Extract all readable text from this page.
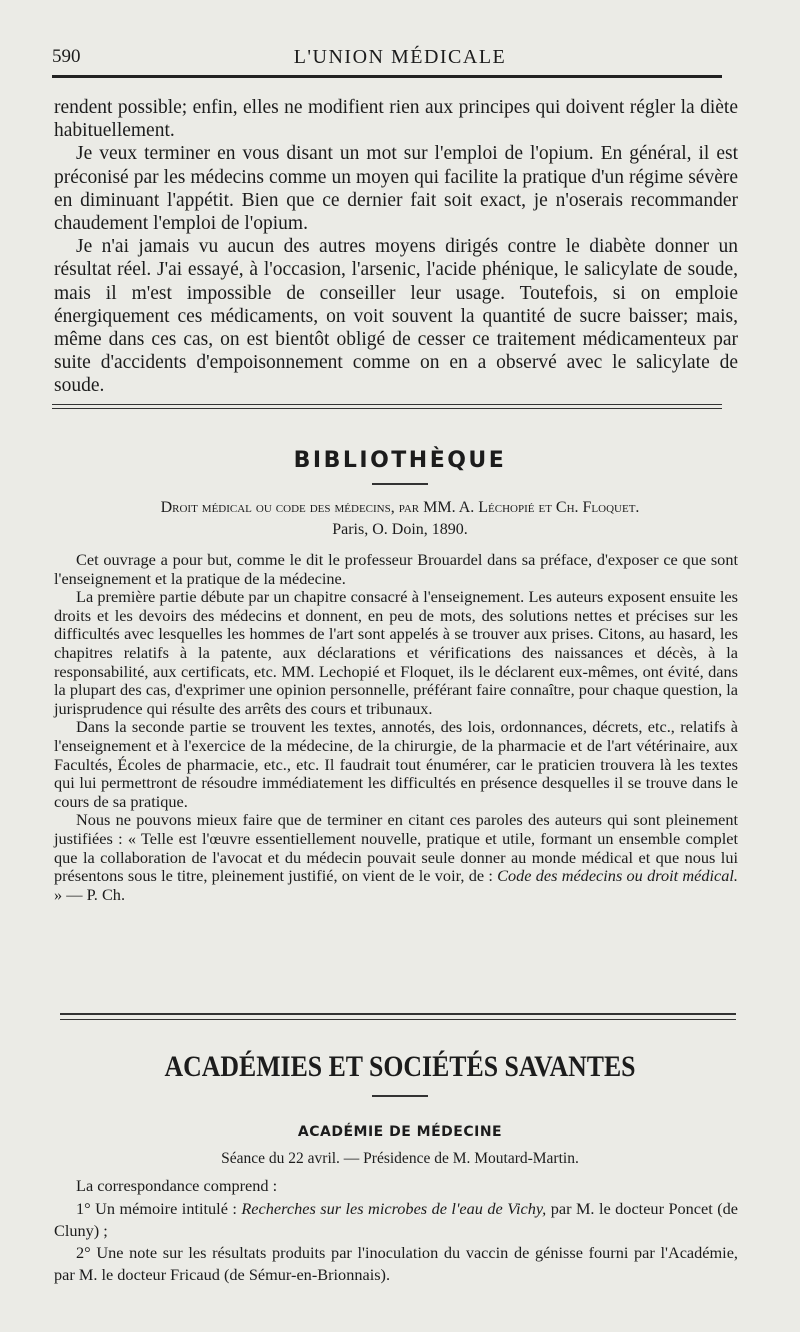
590	L'UNION MÉDICALE

rendent possible; enfin, elles ne modifient rien aux principes qui doivent régler la diète habituellement.

Je veux terminer en vous disant un mot sur l'emploi de l'opium. En général, il est préconisé par les médecins comme un moyen qui facilite la pratique d'un régime sévère en diminuant l'appétit. Bien que ce dernier fait soit exact, je n'oserais recommander chaudement l'emploi de l'opium.

Je n'ai jamais vu aucun des autres moyens dirigés contre le diabète donner un résultat réel. J'ai essayé, à l'occasion, l'arsenic, l'acide phénique, le salicylate de soude, mais il m'est impossible de conseiller leur usage. Toutefois, si on emploie énergiquement ces médicaments, on voit souvent la quantité de sucre baisser; mais, même dans ces cas, on est bientôt obligé de cesser ce traitement médicamenteux par suite d'accidents d'empoisonnement comme on en a observé avec le salicylate de soude.

BIBLIOTHÈQUE
Droit médical ou code des médecins, par MM. A. Léchopié et Ch. Floquet.
Paris, O. Doin, 1890.

Cet ouvrage a pour but, comme le dit le professeur Brouardel dans sa préface, d'exposer ce que sont l'enseignement et la pratique de la médecine.

La première partie débute par un chapitre consacré à l'enseignement. Les auteurs exposent ensuite les droits et les devoirs des médecins et donnent, en peu de mots, des solutions nettes et précises sur les difficultés avec lesquelles les hommes de l'art sont appelés à se trouver aux prises. Citons, au hasard, les chapitres relatifs à la patente, aux déclarations et vérifications des naissances et décès, à la responsabilité, aux certificats, etc. MM. Lechopié et Floquet, ils le déclarent eux-mêmes, ont évité, dans la plupart des cas, d'exprimer une opinion personnelle, préférant faire connaître, pour chaque question, la jurisprudence qui résulte des arrêts des cours et tribunaux.

Dans la seconde partie se trouvent les textes, annotés, des lois, ordonnances, décrets, etc., relatifs à l'enseignement et à l'exercice de la médecine, de la chirurgie, de la pharmacie et de l'art vétérinaire, aux Facultés, Écoles de pharmacie, etc., etc. Il faudrait tout énumérer, car le praticien trouvera là les textes qui lui permettront de résoudre immédiatement les difficultés en présence desquelles il se trouve dans le cours de sa pratique.

Nous ne pouvons mieux faire que de terminer en citant ces paroles des auteurs qui sont pleinement justifiées : « Telle est l'œuvre essentiellement nouvelle, pratique et utile, formant un ensemble complet que la collaboration de l'avocat et du médecin pouvait seule donner au monde médical et que nous lui présentons sous le titre, pleinement justifié, on vient de le voir, de : Code des médecins ou droit médical. » — P. Ch.

ACADÉMIES ET SOCIÉTÉS SAVANTES
ACADÉMIE DE MÉDECINE
Séance du 22 avril. — Présidence de M. Moutard-Martin.

La correspondance comprend :

1° Un mémoire intitulé : Recherches sur les microbes de l'eau de Vichy, par M. le docteur Poncet (de Cluny) ;

2° Une note sur les résultats produits par l'inoculation du vaccin de génisse fourni par l'Académie, par M. le docteur Fricaud (de Sémur-en-Brionnais).
